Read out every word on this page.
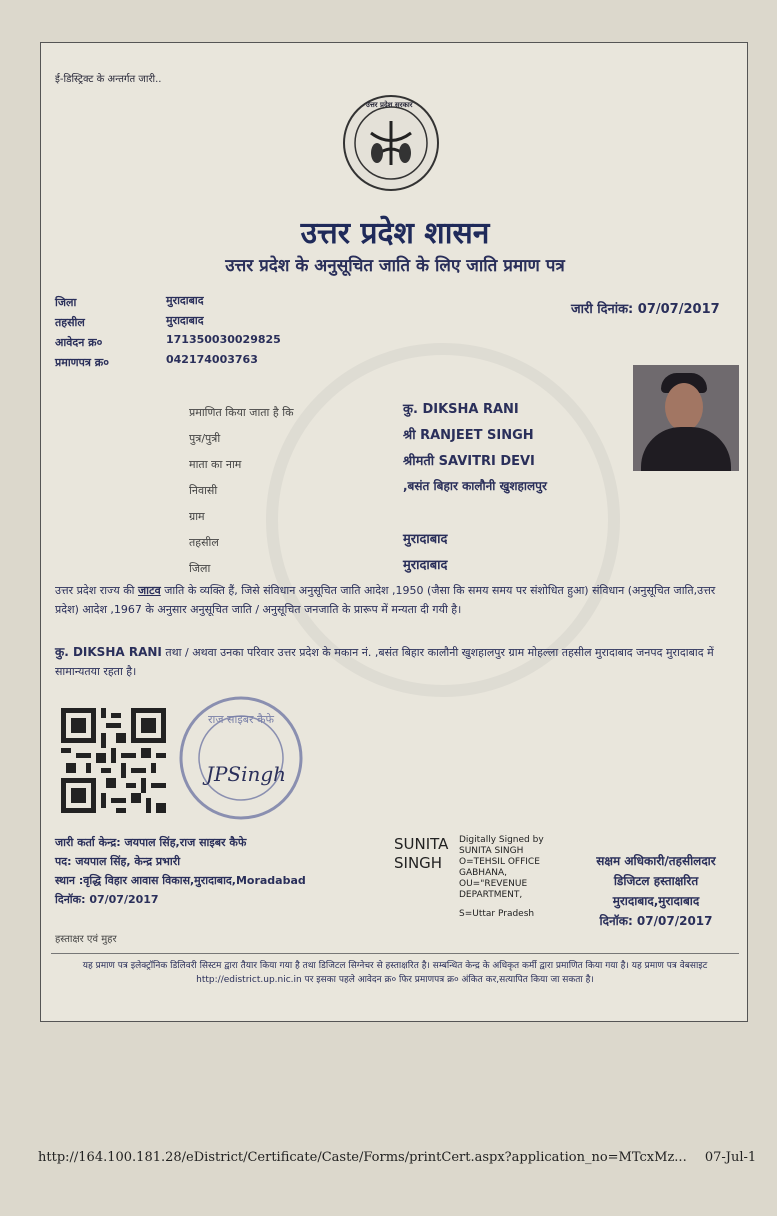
ई-डिस्ट्रिक्ट के अन्तर्गत जारी..
उत्तर प्रदेश सरकार
उत्तर प्रदेश शासन
उत्तर प्रदेश के अनुसूचित जाति के लिए जाति प्रमाण पत्र
जिला	मुरादाबाद
तहसील	मुरादाबाद
आवेदन क्र०	171350030029825
प्रमाणपत्र क्र०	042174003763
जारी दिनांक: 07/07/2017
प्रमाणित किया जाता है कि	कु. DIKSHA RANI
पुत्र/पुत्री	श्री RANJEET SINGH
माता का नाम	श्रीमती SAVITRI DEVI
निवासी	,बसंत बिहार कालौनी खुशहालपुर
ग्राम
तहसील	मुरादाबाद
जिला	मुरादाबाद
उत्तर प्रदेश राज्य की जाटव जाति के व्यक्ति हैं, जिसे संविधान अनुसूचित जाति आदेश ,1950 (जैसा कि समय समय पर संशोधित हुआ) संविधान (अनुसूचित जाति,उत्तर प्रदेश) आदेश ,1967 के अनुसार अनुसूचित जाति / अनुसूचित जनजाति के प्रारूप में मन्यता दी गयी है।
कु. DIKSHA RANI तथा / अथवा उनका परिवार उत्तर प्रदेश के मकान नं. ,बसंत बिहार कालौनी खुशहालपुर ग्राम मोहल्ला तहसील मुरादाबाद जनपद मुरादाबाद में सामान्यतया रहता है।
राज साइबर कैफे
JPSingh
जारी कर्ता केन्द्र: जयपाल सिंह,राज साइबर कैफे
पद: जयपाल सिंह, केन्द्र प्रभारी
स्थान :वृद्धि विहार आवास विकास,मुरादाबाद,Moradabad
दिनॉक: 07/07/2017
SUNITA
SINGH
Digitally Signed by
SUNITA SINGH
O=TEHSIL OFFICE
GABHANA,
OU="REVENUE
DEPARTMENT,
S=Uttar Pradesh
सक्षम अधिकारी/तहसीलदार
डिजिटल हस्ताक्षरित
मुरादाबाद,मुरादाबाद
दिनॉक: 07/07/2017
हस्ताक्षर एवं मुहर
यह प्रमाण पत्र इलेक्ट्रॉनिक डिलिवरी सिस्टम द्वारा तैयार किया गया है तथा डिजिटल सिग्नेचर से हस्ताक्षरित है। सम्बन्धित केन्द्र के अधिकृत कर्मी द्वारा प्रमाणित किया गया है। यह प्रमाण पत्र वेबसाइट http://edistrict.up.nic.in पर इसका पहले आवेदन क्र० फिर प्रमाणपत्र क्र० अंकित कर,सत्यापित किया जा सकता है।
http://164.100.181.28/eDistrict/Certificate/Caste/Forms/printCert.aspx?application_no=MTcxMz... 07-Jul-1
